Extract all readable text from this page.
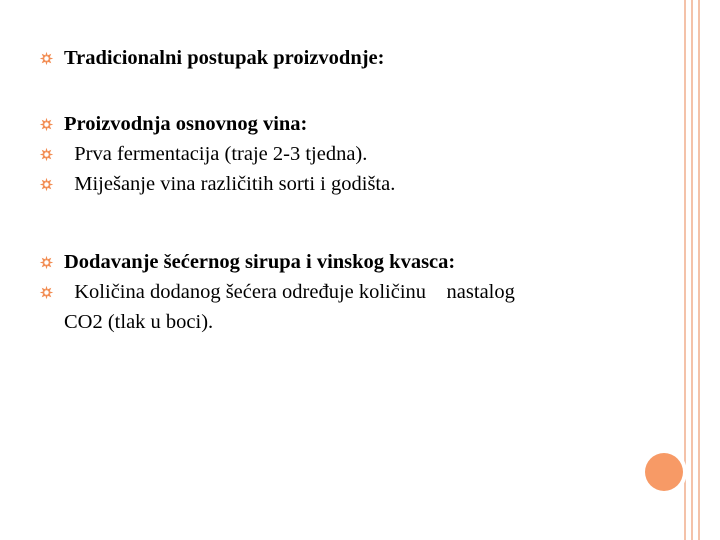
Tradicionalni postupak proizvodnje:
Proizvodnja osnovnog vina:
Prva fermentacija (traje 2-3 tjedna).
Miješanje vina različitih sorti i godišta.
Dodavanje šećernog sirupa i vinskog kvasca:
Količina dodanog šećera određuje količinu    nastalog
CO2 (tlak u boci).
